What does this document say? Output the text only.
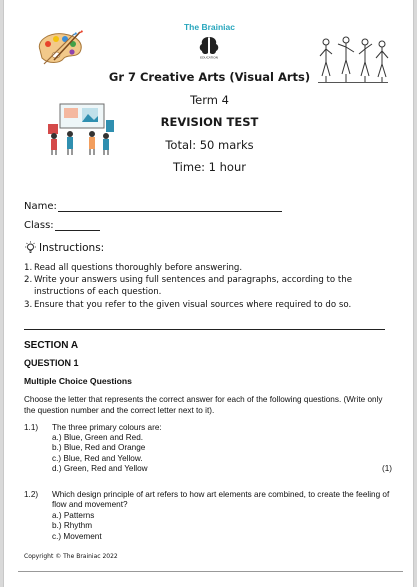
The Brainiac
EDUCATION
Gr 7 Creative Arts (Visual Arts)
Term 4
REVISION TEST
Total: 50 marks
Time: 1 hour
Name:
Class:
Instructions:
1. Read all questions thoroughly before answering.
2. Write your answers using full sentences and paragraphs, according to the instructions of each question.
3. Ensure that you refer to the given visual sources where required to do so.
SECTION A
QUESTION 1
Multiple Choice Questions
Choose the letter that represents the correct answer for each of the following questions. (Write only the question number and the correct letter next to it).
1.1) The three primary colours are:
a.) Blue, Green and Red.
b.) Blue, Red and Orange
c.) Blue, Red and Yellow.
d.) Green, Red and Yellow	(1)
1.2) Which design principle of art refers to how art elements are combined, to create the feeling of flow and movement?
a.) Patterns
b.) Rhythm
c.) Movement
Copyright © The Brainiac 2022
